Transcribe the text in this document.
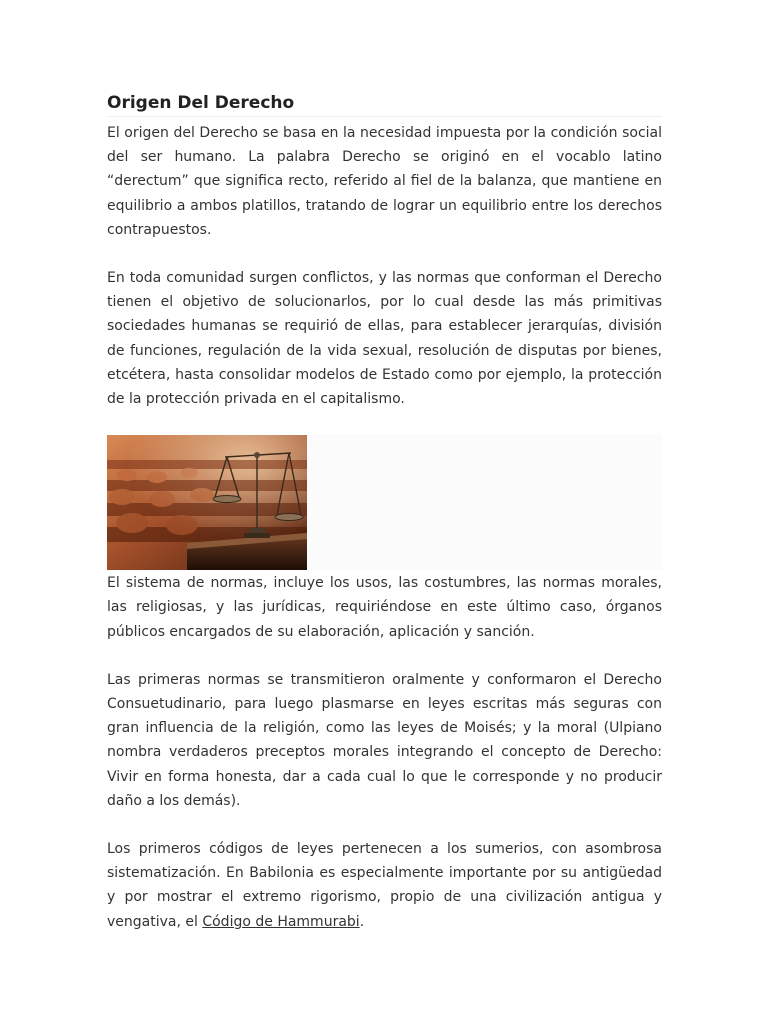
Origen Del Derecho

El origen del Derecho se basa en la necesidad impuesta por la condición social del ser humano. La palabra Derecho se originó en el vocablo latino “derectum” que significa recto, referido al fiel de la balanza, que mantiene en equilibrio a ambos platillos, tratando de lograr un equilibrio entre los derechos contrapuestos.

En toda comunidad surgen conflictos, y las normas que conforman el Derecho tienen el objetivo de solucionarlos, por lo cual desde las más primitivas sociedades humanas se requirió de ellas, para establecer jerarquías, división de funciones, regulación de la vida sexual, resolución de disputas por bienes, etcétera, hasta consolidar modelos de Estado como por ejemplo, la protección de la protección privada en el capitalismo.

El sistema de normas, incluye los usos, las costumbres, las normas morales, las religiosas, y las jurídicas, requiriéndose en este último caso, órganos públicos encargados de su elaboración, aplicación y sanción.

Las primeras normas se transmitieron oralmente y conformaron el Derecho Consuetudinario, para luego plasmarse en leyes escritas más seguras con gran influencia de la religión, como las leyes de Moisés; y la moral (Ulpiano nombra verdaderos preceptos morales integrando el concepto de Derecho: Vivir en forma honesta, dar a cada cual lo que le corresponde y no producir daño a los demás).

Los primeros códigos de leyes pertenecen a los sumerios, con asombrosa sistematización. En Babilonia es especialmente importante por su antigüedad y por mostrar el extremo rigorismo, propio de una civilización antigua y vengativa, el Código de Hammurabi.
